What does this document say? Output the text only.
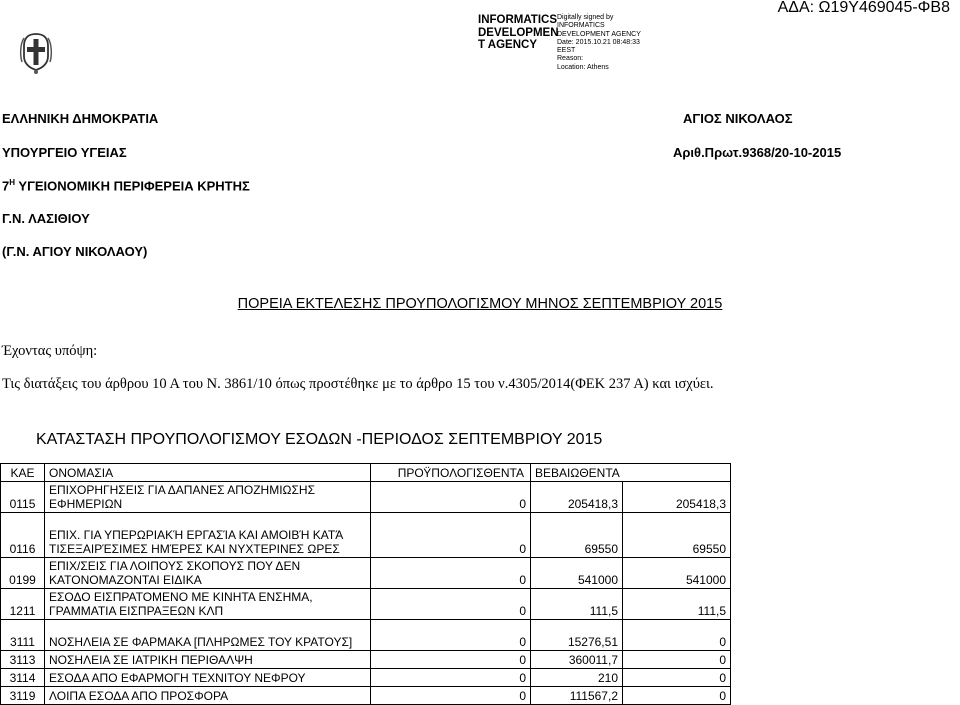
ΑΔΑ: Ω19Υ469045-ΦΒ8
INFORMATICS
DEVELOPMEN
T AGENCY
Digitally signed by
INFORMATICS
DEVELOPMENT AGENCY
Date: 2015.10.21 08:48:33
EEST
Reason:
Location: Athens
ΕΛΛΗΝΙΚΗ ΔΗΜΟΚΡΑΤΙΑ
ΥΠΟΥΡΓΕΙΟ ΥΓΕΙΑΣ
$7^H$ ΥΓΕΙΟΝΟΜΙΚΗ ΠΕΡΙΦΕΡΕΙΑ ΚΡΗΤΗΣ
Γ.Ν. ΛΑΣΙΘΙΟΥ
(Γ.Ν. ΑΓΙΟΥ ΝΙΚΟΛΑΟΥ)
ΑΓΙΟΣ ΝΙΚΟΛΑΟΣ
Αριθ.Πρωτ.9368/20-10-2015
ΠΟΡΕΙΑ ΕΚΤΕΛΕΣΗΣ ΠΡΟΥΠΟΛΟΓΙΣΜΟΥ ΜΗΝΟΣ ΣΕΠΤΕΜΒΡΙΟΥ 2015
Έχοντας υπόψη:
Τις διατάξεις του άρθρου 10 Α του Ν. 3861/10 όπως προστέθηκε με το άρθρο 15 του ν.4305/2014(ΦΕΚ 237 Α) και ισχύει.
ΚΑΤΑΣΤΑΣΗ ΠΡΟΥΠΟΛΟΓΙΣΜΟΥ ΕΣΟΔΩΝ -ΠΕΡΙΟΔΟΣ ΣΕΠΤΕΜΒΡΙΟΥ 2015
ΚΑΕ	ΟΝΟΜΑΣΙΑ	ΠΡΟΫΠΟΛΟΓΙΣΘΕΝΤΑ	ΒΕΒΑΙΩΘΕΝΤΑ	
0115	ΕΠΙΧΟΡΗΓΗΣΕΙΣ ΓΙΑ ΔΑΠΑΝΕΣ ΑΠΟΖΗΜΙΩΣΗΣ ΕΦΗΜΕΡΙΩΝ	0	205418,3	205418,3
0116	ΕΠΙΧ. ΓΙΑ ΥΠΕΡΩΡΙΑΚΉ ΕΡΓΑΣΊΑ ΚΑΙ ΑΜΟΙΒΉ ΚΑΤΆ ΤΙΣΕΞΑΙΡΈΣΙΜΕΣ ΗΜΈΡΕΣ ΚΑΙ ΝΥΧΤΕΡΙΝΕΣ ΩΡΕΣ	0	69550	69550
0199	ΕΠΙΧ/ΣΕΙΣ ΓΙΑ ΛΟΙΠΟΥΣ ΣΚΟΠΟΥΣ ΠΟΥ ΔΕΝ ΚΑΤΟΝΟΜΑΖΟΝΤΑΙ ΕΙΔΙΚΑ	0	541000	541000
1211	ΕΣΟΔΟ ΕΙΣΠΡΑΤΟΜΕΝΟ ΜΕ ΚΙΝΗΤΑ ΕΝΣΗΜΑ, ΓΡΑΜΜΑΤΙΑ ΕΙΣΠΡΑΞΕΩΝ ΚΛΠ	0	111,5	111,5
3111	ΝΟΣΗΛΕΙΑ ΣΕ ΦΑΡΜΑΚΑ [ΠΛΗΡΩΜΕΣ ΤΟΥ ΚΡΑΤΟΥΣ]	0	15276,51	0
3113	ΝΟΣΗΛΕΙΑ ΣΕ ΙΑΤΡΙΚΗ ΠΕΡΙΘΑΛΨΗ	0	360011,7	0
3114	ΕΣΟΔΑ ΑΠΟ ΕΦΑΡΜΟΓΗ ΤΕΧΝΙΤΟΥ ΝΕΦΡΟΥ	0	210	0
3119	ΛΟΙΠΑ ΕΣΟΔΑ ΑΠΟ ΠΡΟΣΦΟΡΑ	0	111567,2	0
